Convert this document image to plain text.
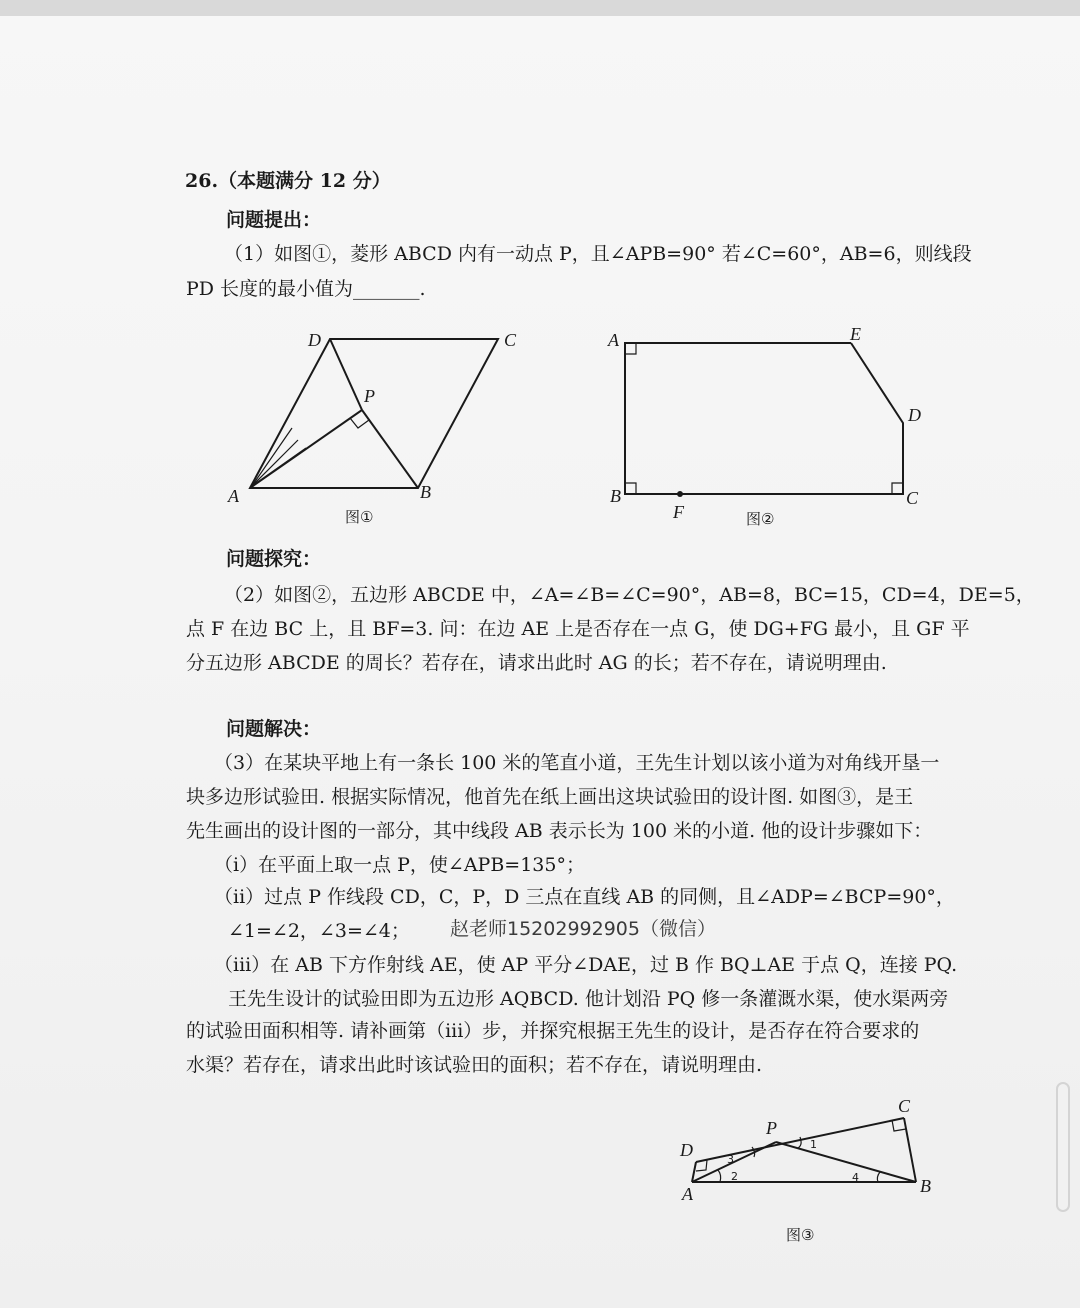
26.（本题满分 12 分）
问题提出：
（1）如图①，菱形 ABCD 内有一动点 P，且∠APB=90° 若∠C=60°，AB=6，则线段
PD 长度的最小值为_______.
A	B
C
D
P
图①
A
B	C
D
E
F	图②
问题探究：
（2）如图②，五边形 ABCDE 中，∠A=∠B=∠C=90°，AB=8，BC=15，CD=4，DE=5，
点 F 在边 BC 上，且 BF=3. 问：在边 AE 上是否存在一点 G，使 DG+FG 最小，且 GF 平
分五边形 ABCDE 的周长？若存在，请求出此时 AG 的长；若不存在，请说明理由.
问题解决：
（3）在某块平地上有一条长 100 米的笔直小道，王先生计划以该小道为对角线开垦一
块多边形试验田. 根据实际情况，他首先在纸上画出这块试验田的设计图. 如图③，是王
先生画出的设计图的一部分，其中线段 AB 表示长为 100 米的小道. 他的设计步骤如下：
（i）在平面上取一点 P，使∠APB=135°；
（ii）过点 P 作线段 CD，C，P，D 三点在直线 AB 的同侧，且∠ADP=∠BCP=90°，
∠1=∠2，∠3=∠4； 赵老师15202992905（微信）
（iii）在 AB 下方作射线 AE，使 AP 平分∠DAE，过 B 作 BQ⊥AE 于点 Q，连接 PQ.
王先生设计的试验田即为五边形 AQBCD. 他计划沿 PQ 修一条灌溉水渠，使水渠两旁
的试验田面积相等. 请补画第（iii）步，并探究根据王先生的设计，是否存在符合要求的
水渠？若存在，请求出此时该试验田的面积；若不存在，请说明理由.
A	B
C
D
P
1
2
3
4
图③
